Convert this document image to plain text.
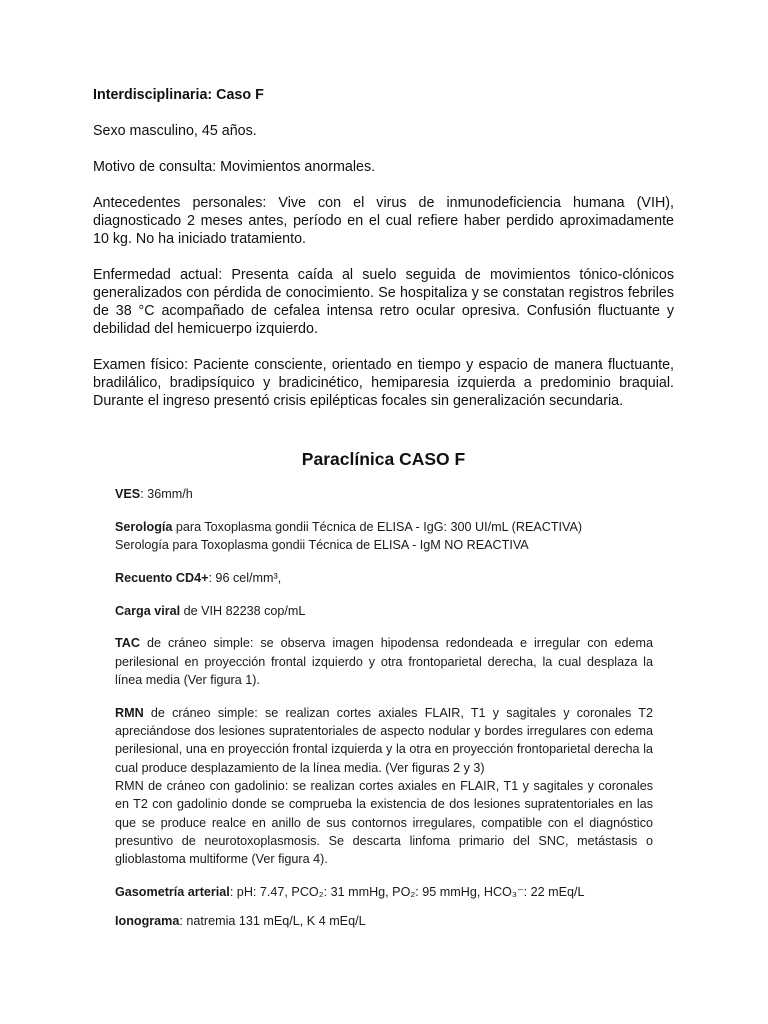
Interdisciplinaria: Caso F

Sexo masculino, 45 años.

Motivo de consulta: Movimientos anormales.

Antecedentes personales: Vive con el virus de inmunodeficiencia humana (VIH), diagnosticado 2 meses antes, período en el cual refiere haber perdido aproximadamente 10 kg. No ha iniciado tratamiento.

Enfermedad actual: Presenta caída al suelo seguida de movimientos tónico-clónicos generalizados con pérdida de conocimiento. Se hospitaliza y se constatan registros febriles de 38 °C acompañado de cefalea intensa retro ocular opresiva. Confusión fluctuante y debilidad del hemicuerpo izquierdo.

Examen físico: Paciente consciente, orientado en tiempo y espacio de manera fluctuante, bradilálico, bradipsíquico y bradicinético, hemiparesia izquierda a predominio braquial. Durante el ingreso presentó crisis epilépticas focales sin generalización secundaria.

Paraclínica CASO F

VES: 36mm/h

Serología para Toxoplasma gondii Técnica de ELISA - IgG: 300 UI/mL (REACTIVA)
Serología para Toxoplasma gondii Técnica de ELISA - IgM NO REACTIVA

Recuento CD4+: 96 cel/mm³,

Carga viral de VIH 82238 cop/mL

TAC de cráneo simple: se observa imagen hipodensa redondeada e irregular con edema perilesional en proyección frontal izquierdo y otra frontoparietal derecha, la cual desplaza la línea media (Ver figura 1).

RMN de cráneo simple: se realizan cortes axiales FLAIR, T1 y sagitales y coronales T2 apreciándose dos lesiones supratentoriales de aspecto nodular y bordes irregulares con edema perilesional, una en proyección frontal izquierda y la otra en proyección frontoparietal derecha la cual produce desplazamiento de la línea media. (Ver figuras 2 y 3)
RMN de cráneo con gadolinio: se realizan cortes axiales en FLAIR, T1 y sagitales y coronales en T2 con gadolinio donde se comprueba la existencia de dos lesiones supratentoriales en las que se produce realce en anillo de sus contornos irregulares, compatible con el diagnóstico presuntivo de neurotoxoplasmosis. Se descarta linfoma primario del SNC, metástasis o glioblastoma multiforme (Ver figura 4).

Gasometría arterial: pH: 7.47, PCO₂: 31 mmHg, PO₂: 95 mmHg, HCO₃⁻: 22 mEq/L

Ionograma: natremia 131 mEq/L, K 4 mEq/L
